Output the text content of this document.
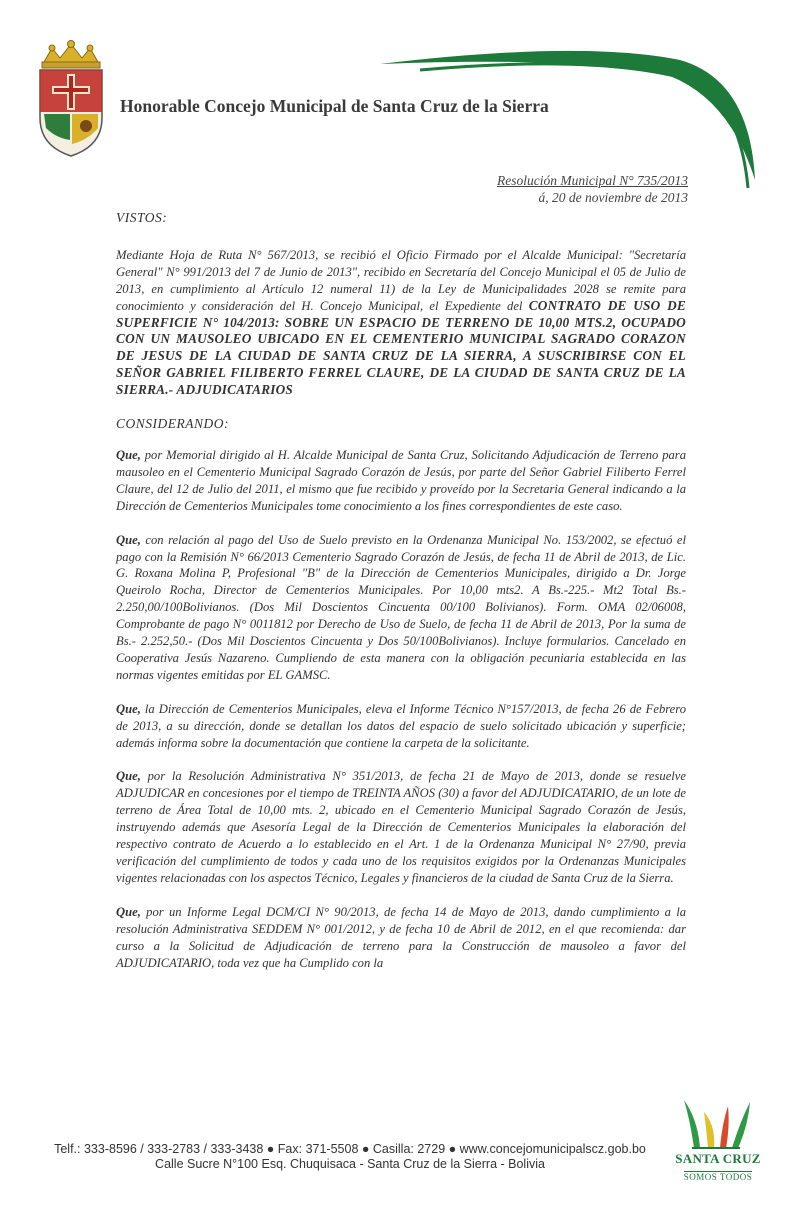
Honorable Concejo Municipal de Santa Cruz de la Sierra
Resolución Municipal N° 735/2013
á, 20 de noviembre de 2013
VISTOS:

Mediante Hoja de Ruta N° 567/2013, se recibió el Oficio Firmado por el Alcalde Municipal: "Secretaría General" N° 991/2013 del 7 de Junio de 2013", recibido en Secretaría del Concejo Municipal el 05 de Julio de 2013, en cumplimiento al Artículo 12 numeral 11) de la Ley de Municipalidades 2028 se remite para conocimiento y consideración del H. Concejo Municipal, el Expediente del CONTRATO DE USO DE SUPERFICIE N° 104/2013: SOBRE UN ESPACIO DE TERRENO DE 10,00 MTS.2, OCUPADO CON UN MAUSOLEO UBICADO EN EL CEMENTERIO MUNICIPAL SAGRADO CORAZON DE JESUS DE LA CIUDAD DE SANTA CRUZ DE LA SIERRA, A SUSCRIBIRSE CON EL SEÑOR GABRIEL FILIBERTO FERREL CLAURE, DE LA CIUDAD DE SANTA CRUZ DE LA SIERRA.- ADJUDICATARIOS

CONSIDERANDO:

Que, por Memorial dirigido al H. Alcalde Municipal de Santa Cruz, Solicitando Adjudicación de Terreno para mausoleo en el Cementerio Municipal Sagrado Corazón de Jesús, por parte del Señor Gabriel Filiberto Ferrel Claure, del 12 de Julio del 2011, el mismo que fue recibido y proveído por la Secretaria General indicando a la Dirección de Cementerios Municipales tome conocimiento a los fines correspondientes de este caso.

Que, con relación al pago del Uso de Suelo previsto en la Ordenanza Municipal No. 153/2002, se efectuó el pago con la Remisión N° 66/2013 Cementerio Sagrado Corazón de Jesús, de fecha 11 de Abril de 2013, de Lic. G. Roxana Molina P, Profesional "B" de la Dirección de Cementerios Municipales, dirigido a Dr. Jorge Queirolo Rocha, Director de Cementerios Municipales. Por 10,00 mts2. A Bs.-225.- Mt2 Total Bs.- 2.250,00/100Bolivianos. (Dos Mil Doscientos Cincuenta 00/100 Bolivianos). Form. OMA 02/06008, Comprobante de pago N° 0011812 por Derecho de Uso de Suelo, de fecha 11 de Abril de 2013, Por la suma de Bs.- 2.252,50.- (Dos Mil Doscientos Cincuenta y Dos 50/100Bolivianos). Incluye formularios. Cancelado en Cooperativa Jesús Nazareno. Cumpliendo de esta manera con la obligación pecuniaria establecida en las normas vigentes emitidas por EL GAMSC.

Que, la Dirección de Cementerios Municipales, eleva el Informe Técnico N°157/2013, de fecha 26 de Febrero de 2013, a su dirección, donde se detallan los datos del espacio de suelo solicitado ubicación y superficie; además informa sobre la documentación que contiene la carpeta de la solicitante.

Que, por la Resolución Administrativa N° 351/2013, de fecha 21 de Mayo de 2013, donde se resuelve ADJUDICAR en concesiones por el tiempo de TREINTA AÑOS (30) a favor del ADJUDICATARIO, de un lote de terreno de Área Total de 10,00 mts. 2, ubicado en el Cementerio Municipal Sagrado Corazón de Jesús, instruyendo además que Asesoría Legal de la Dirección de Cementerios Municipales la elaboración del respectivo contrato de Acuerdo a lo establecido en el Art. 1 de la Ordenanza Municipal N° 27/90, previa verificación del cumplimiento de todos y cada uno de los requisitos exigidos por la Ordenanzas Municipales vigentes relacionadas con los aspectos Técnico, Legales y financieros de la ciudad de Santa Cruz de la Sierra.

Que, por un Informe Legal DCM/CI N° 90/2013, de fecha 14 de Mayo de 2013, dando cumplimiento a la resolución Administrativa SEDDEM N° 001/2012, y de fecha 10 de Abril de 2012, en el que recomienda: dar curso a la Solicitud de Adjudicación de terreno para la Construcción de mausoleo a favor del ADJUDICATARIO, toda vez que ha Cumplido con la

Telf.: 333-8596 / 333-2783 / 333-3438 ● Fax: 371-5508 ● Casilla: 2729 ● www.concejomunicipalscz.gob.bo
Calle Sucre N°100 Esq. Chuquisaca - Santa Cruz de la Sierra - Bolivia	SANTA CRUZ
SOMOS TODOS
